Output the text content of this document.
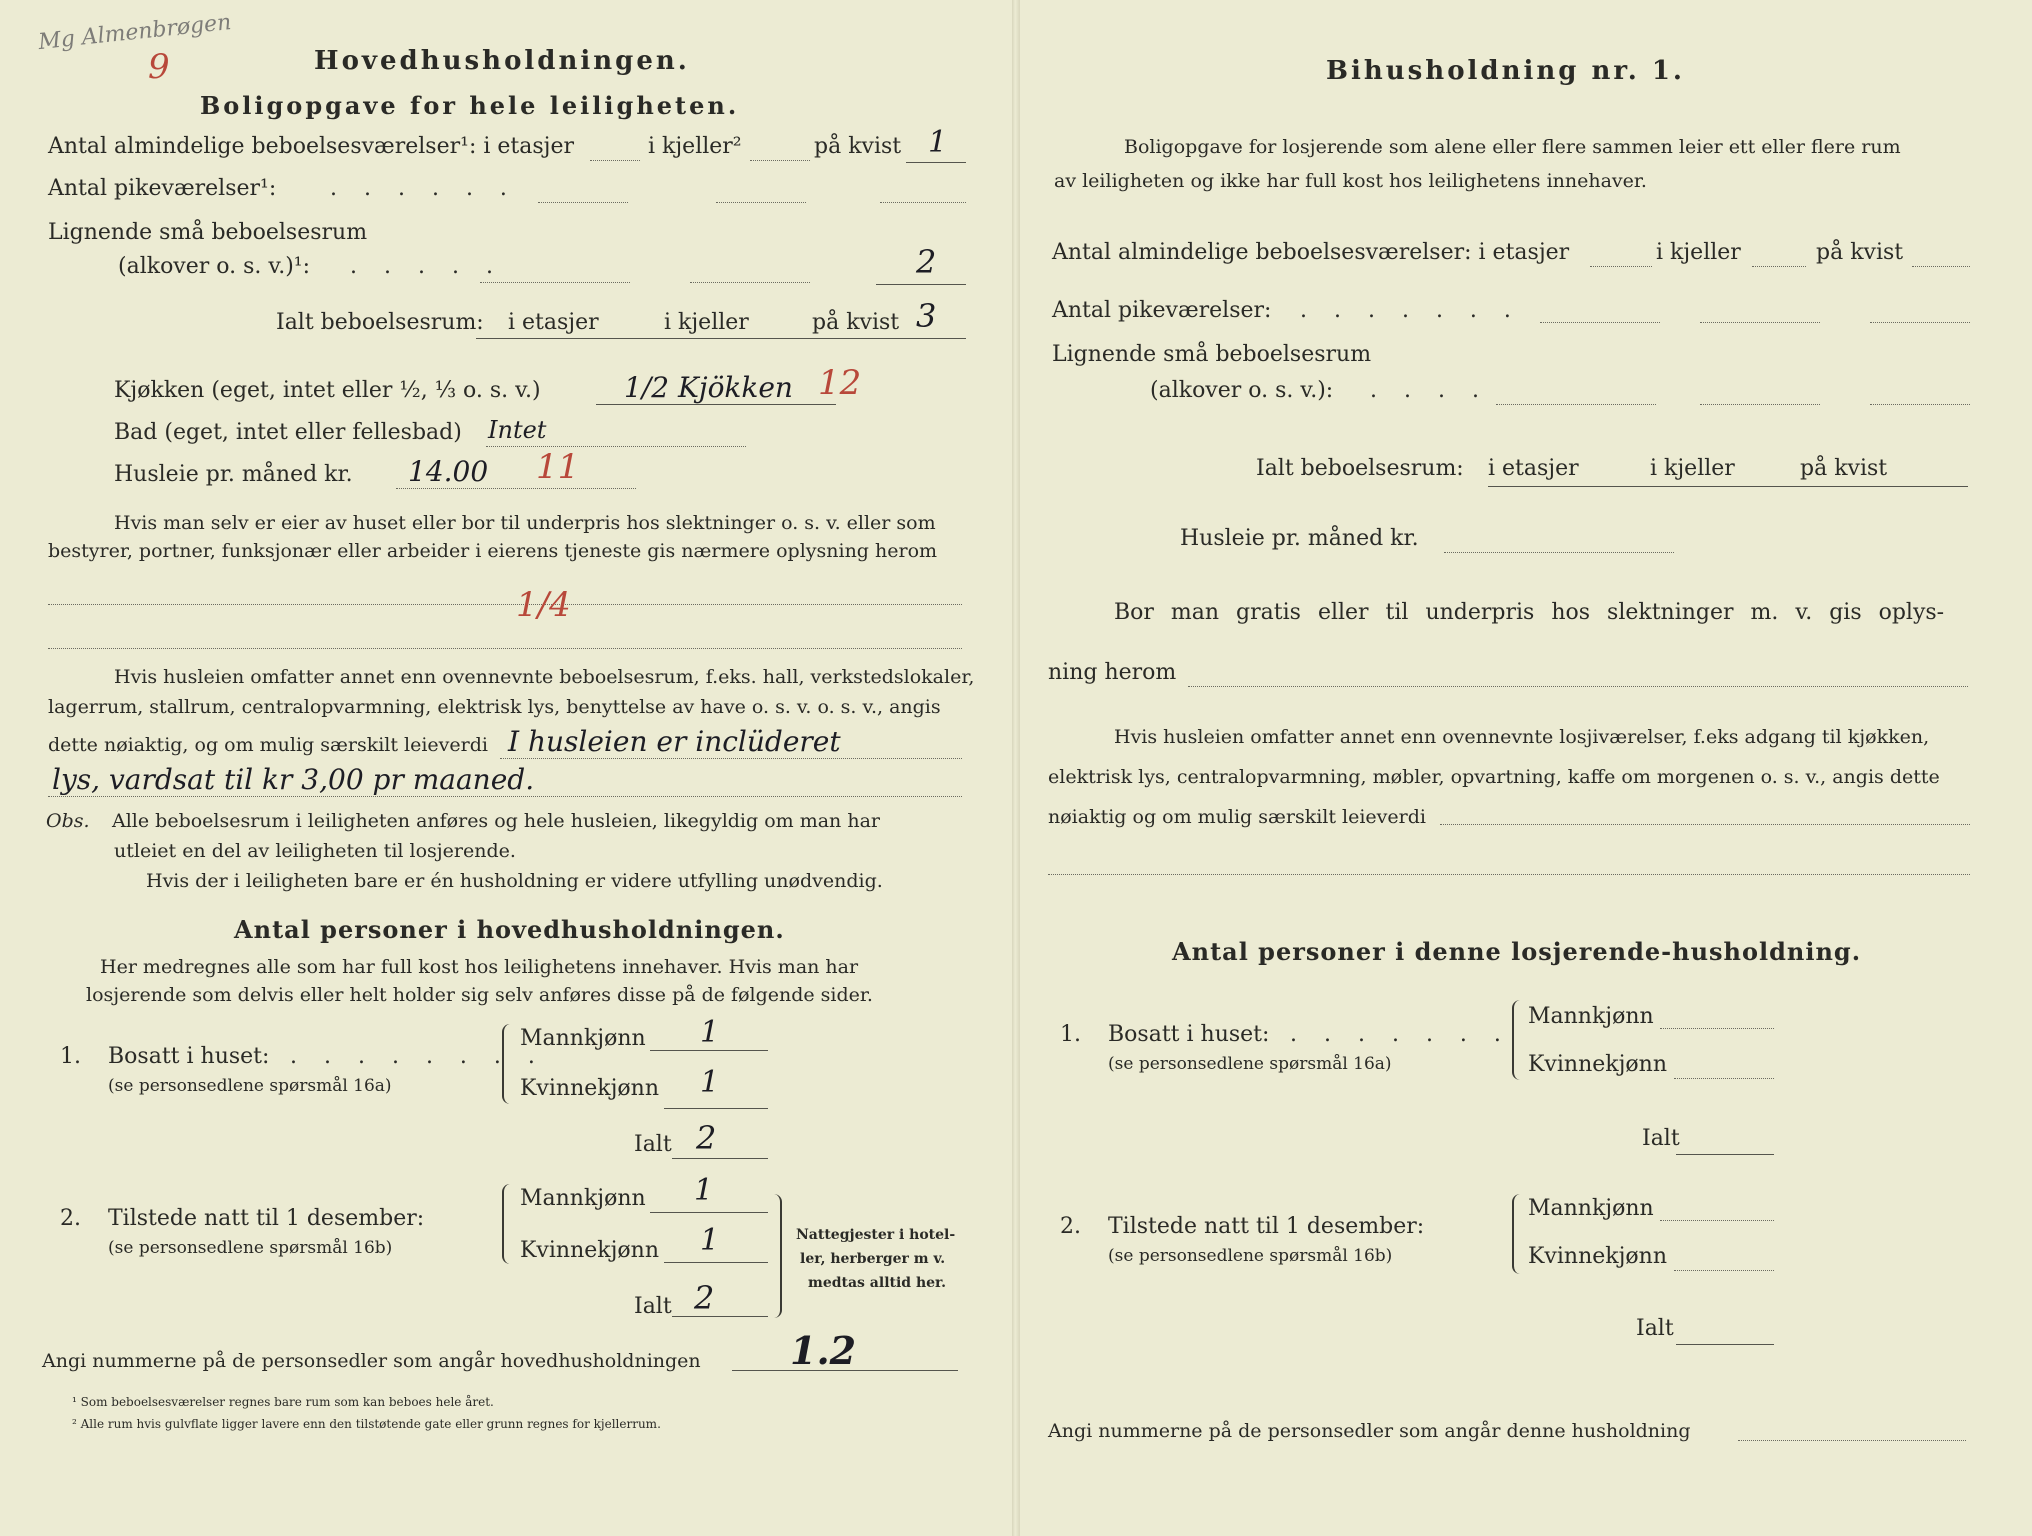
Mg Almenbrøgen
9	Hovedhusholdningen.
Boligopgave for hele leiligheten.
Antal almindelige beboelsesværelser¹: i etasjer	i kjeller²	på kvist 1
Antal pikeværelser¹: . . . . . .
Lignende små beboelsesrum
(alkover o. s. v.)¹: . . . . .	2
Ialt beboelsesrum: i etasjer	i kjeller	på kvist 3
Kjøkken (eget, intet eller ½, ⅓ o. s. v.)	1/2 Kjökken 12
Bad (eget, intet eller fellesbad) Intet
Husleie pr. måned kr. 14.00 11
Hvis man selv er eier av huset eller bor til underpris hos slektninger o. s. v. eller som
bestyrer, portner, funksjonær eller arbeider i eierens tjeneste gis nærmere oplysning herom
1/4
Hvis husleien omfatter annet enn ovennevnte beboelsesrum, f.eks. hall, verkstedslokaler,
lagerrum, stallrum, centralopvarmning, elektrisk lys, benyttelse av have o. s. v. o. s. v., angis
dette nøiaktig, og om mulig særskilt leieverdi I husleien er inclüderet
lys, vardsat til kr 3,00 pr maaned.
Obs. Alle beboelsesrum i leiligheten anføres og hele husleien, likegyldig om man har
utleiet en del av leiligheten til losjerende.
Hvis der i leiligheten bare er én husholdning er videre utfylling unødvendig.
Antal personer i hovedhusholdningen.
Her medregnes alle som har full kost hos leilighetens innehaver. Hvis man har
losjerende som delvis eller helt holder sig selv anføres disse på de følgende sider.
1. Bosatt i huset: . . . . . . . .
(se personsedlene spørsmål 16a)
Mannkjønn 1
Kvinnekjønn 1
Ialt 2
2. Tilstede natt til 1 desember:
(se personsedlene spørsmål 16b)
Mannkjønn 1
Kvinnekjønn 1
Ialt 2
Nattegjester i hotel-
ler, herberger m v.
medtas alltid her.
Angi nummerne på de personsedler som angår hovedhusholdningen 1.2
¹ Som beboelsesværelser regnes bare rum som kan beboes hele året.
² Alle rum hvis gulvflate ligger lavere enn den tilstøtende gate eller grunn regnes for kjellerrum.
Bihusholdning nr. 1.
Boligopgave for losjerende som alene eller flere sammen leier ett eller flere rum
av leiligheten og ikke har full kost hos leilighetens innehaver.
Antal almindelige beboelsesværelser: i etasjer	i kjeller	på kvist
Antal pikeværelser: . . . . . . .
Lignende små beboelsesrum
(alkover o. s. v.): . . . .
Ialt beboelsesrum: i etasjer	i kjeller	på kvist
Husleie pr. måned kr.
Bor man gratis eller til underpris hos slektninger m. v. gis oplys-
ning herom
Hvis husleien omfatter annet enn ovennevnte losjiværelser, f.eks adgang til kjøkken,
elektrisk lys, centralopvarmning, møbler, opvartning, kaffe om morgenen o. s. v., angis dette
nøiaktig og om mulig særskilt leieverdi
Antal personer i denne losjerende-husholdning.
1. Bosatt i huset: . . . . . . .
(se personsedlene spørsmål 16a)
Mannkjønn
Kvinnekjønn
Ialt
2. Tilstede natt til 1 desember:
(se personsedlene spørsmål 16b)
Mannkjønn
Kvinnekjønn
Ialt
Angi nummerne på de personsedler som angår denne husholdning
